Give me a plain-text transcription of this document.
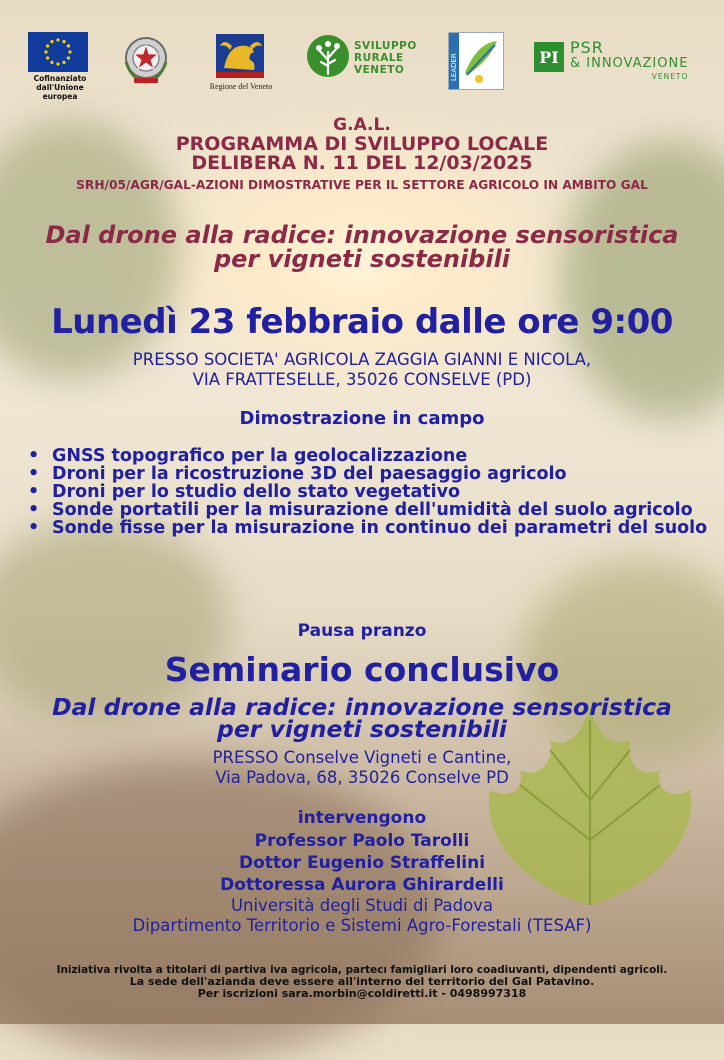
Cofinanziato
dall'Unione europea
Regione del Veneto
SVILUPPO
RURALE
VENETO	LEADER	PI PSR
& INNOVAZIONE
VENETO
G.A.L.
PROGRAMMA DI SVILUPPO LOCALE
DELIBERA N. 11 DEL 12/03/2025
SRH/05/AGR/GAL-AZIONI DIMOSTRATIVE PER IL SETTORE AGRICOLO IN AMBITO GAL
Dal drone alla radice: innovazione sensoristica
per vigneti sostenibili
Lunedì 23 febbraio dalle ore 9:00
PRESSO SOCIETA' AGRICOLA ZAGGIA GIANNI E NICOLA,
VIA FRATTESELLE, 35026 CONSELVE (PD)
Dimostrazione in campo
• GNSS topografico per la geolocalizzazione
• Droni per la ricostruzione 3D del paesaggio agricolo
• Droni per lo studio dello stato vegetativo
• Sonde portatili per la misurazione dell'umidità del suolo agricolo
• Sonde fisse per la misurazione in continuo dei parametri del suolo
Pausa pranzo
Seminario conclusivo
Dal drone alla radice: innovazione sensoristica
per vigneti sostenibili
PRESSO Conselve Vigneti e Cantine,
Via Padova, 68, 35026 Conselve PD
intervengono
Professor Paolo Tarolli
Dottor Eugenio Straffelini
Dottoressa Aurora Ghirardelli
Università degli Studi di Padova
Dipartimento Territorio e Sistemi Agro-Forestali (TESAF)
Iniziativa rivolta a titolari di partiva iva agricola, partecı famigliari loro coadiuvanti, dipendenti agricoli.
La sede dell'azianda deve essere all'interno del territorio del Gal Patavino.
Per iscrizioni sara.morbin@coldiretti.it - 0498997318
